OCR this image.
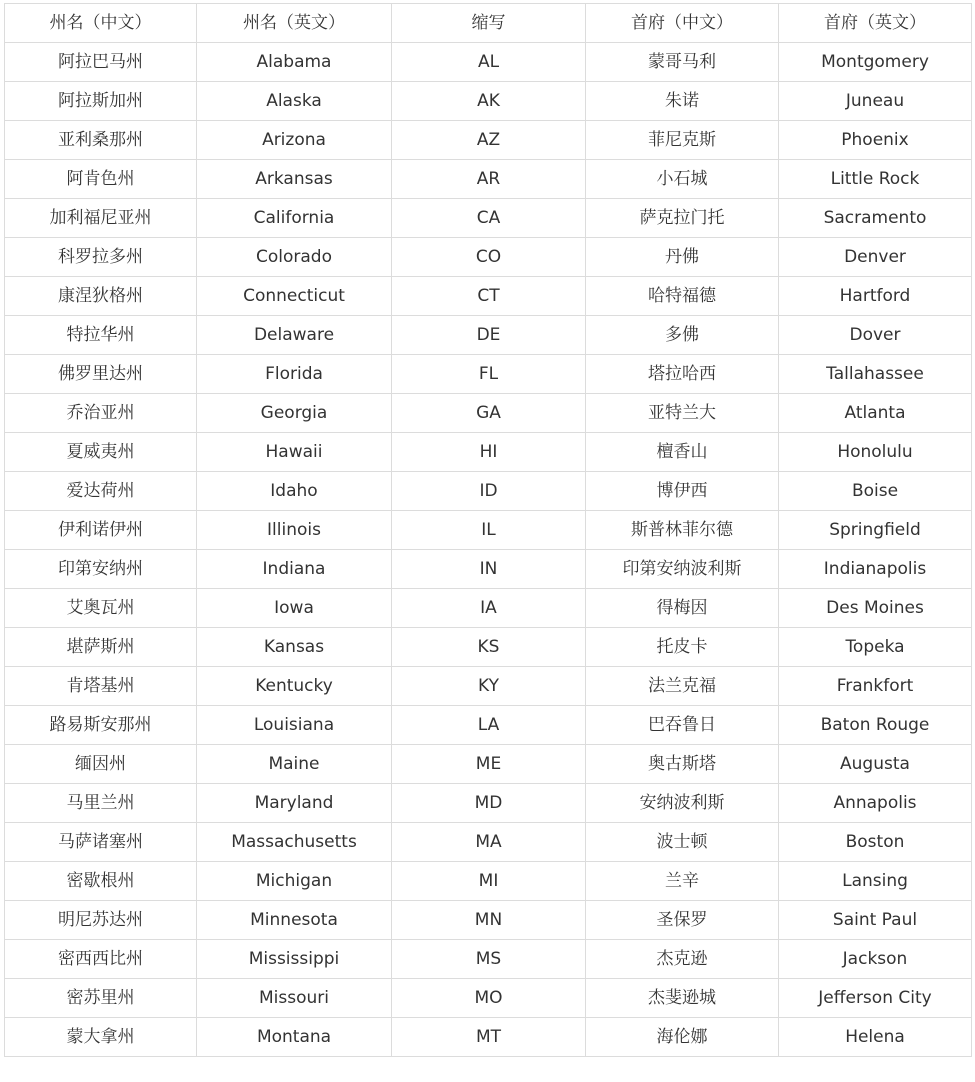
州名（中文）	州名（英文）	缩写	首府（中文）	首府（英文）
阿拉巴马州	Alabama	AL	蒙哥马利	Montgomery
阿拉斯加州	Alaska	AK	朱诺	Juneau
亚利桑那州	Arizona	AZ	菲尼克斯	Phoenix
阿肯色州	Arkansas	AR	小石城	Little Rock
加利福尼亚州	California	CA	萨克拉门托	Sacramento
科罗拉多州	Colorado	CO	丹佛	Denver
康涅狄格州	Connecticut	CT	哈特福德	Hartford
特拉华州	Delaware	DE	多佛	Dover
佛罗里达州	Florida	FL	塔拉哈西	Tallahassee
乔治亚州	Georgia	GA	亚特兰大	Atlanta
夏威夷州	Hawaii	HI	檀香山	Honolulu
爱达荷州	Idaho	ID	博伊西	Boise
伊利诺伊州	Illinois	IL	斯普林菲尔德	Springfield
印第安纳州	Indiana	IN	印第安纳波利斯	Indianapolis
艾奥瓦州	Iowa	IA	得梅因	Des Moines
堪萨斯州	Kansas	KS	托皮卡	Topeka
肯塔基州	Kentucky	KY	法兰克福	Frankfort
路易斯安那州	Louisiana	LA	巴吞鲁日	Baton Rouge
缅因州	Maine	ME	奥古斯塔	Augusta
马里兰州	Maryland	MD	安纳波利斯	Annapolis
马萨诸塞州	Massachusetts	MA	波士顿	Boston
密歇根州	Michigan	MI	兰辛	Lansing
明尼苏达州	Minnesota	MN	圣保罗	Saint Paul
密西西比州	Mississippi	MS	杰克逊	Jackson
密苏里州	Missouri	MO	杰斐逊城	Jefferson City
蒙大拿州	Montana	MT	海伦娜	Helena
